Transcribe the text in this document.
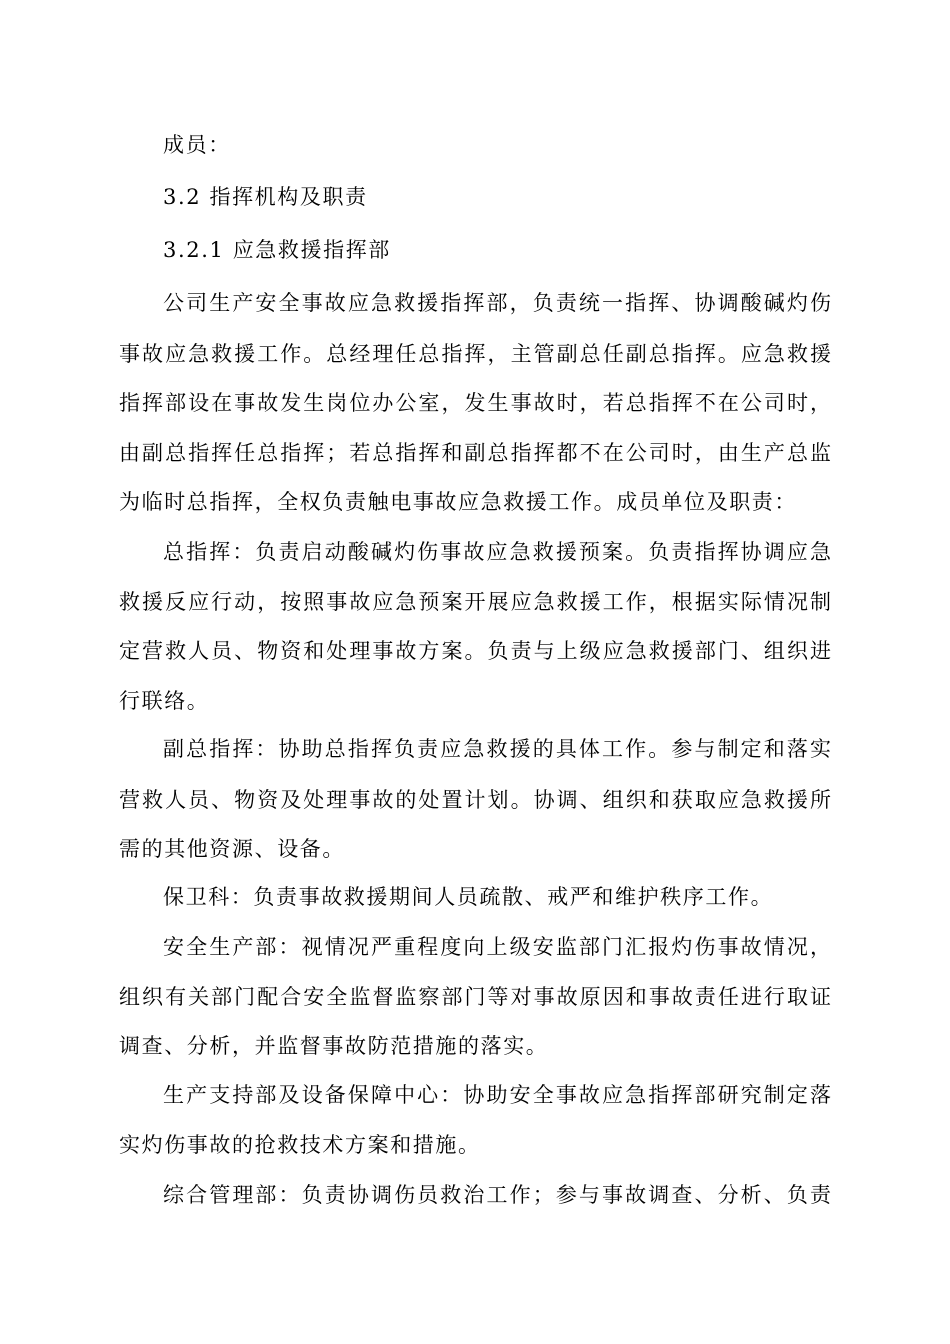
成员：
3.2 指挥机构及职责
3.2.1 应急救援指挥部
公司生产安全事故应急救援指挥部，负责统一指挥、协调酸碱灼伤
事故应急救援工作。总经理任总指挥，主管副总任副总指挥。应急救援
指挥部设在事故发生岗位办公室，发生事故时，若总指挥不在公司时，
由副总指挥任总指挥；若总指挥和副总指挥都不在公司时，由生产总监
为临时总指挥，全权负责触电事故应急救援工作。成员单位及职责：
总指挥：负责启动酸碱灼伤事故应急救援预案。负责指挥协调应急
救援反应行动，按照事故应急预案开展应急救援工作，根据实际情况制
定营救人员、物资和处理事故方案。负责与上级应急救援部门、组织进
行联络。
副总指挥：协助总指挥负责应急救援的具体工作。参与制定和落实
营救人员、物资及处理事故的处置计划。协调、组织和获取应急救援所
需的其他资源、设备。
保卫科：负责事故救援期间人员疏散、戒严和维护秩序工作。
安全生产部：视情况严重程度向上级安监部门汇报灼伤事故情况，
组织有关部门配合安全监督监察部门等对事故原因和事故责任进行取证
调查、分析，并监督事故防范措施的落实。
生产支持部及设备保障中心：协助安全事故应急指挥部研究制定落
实灼伤事故的抢救技术方案和措施。
综合管理部：负责协调伤员救治工作；参与事故调查、分析、负责
